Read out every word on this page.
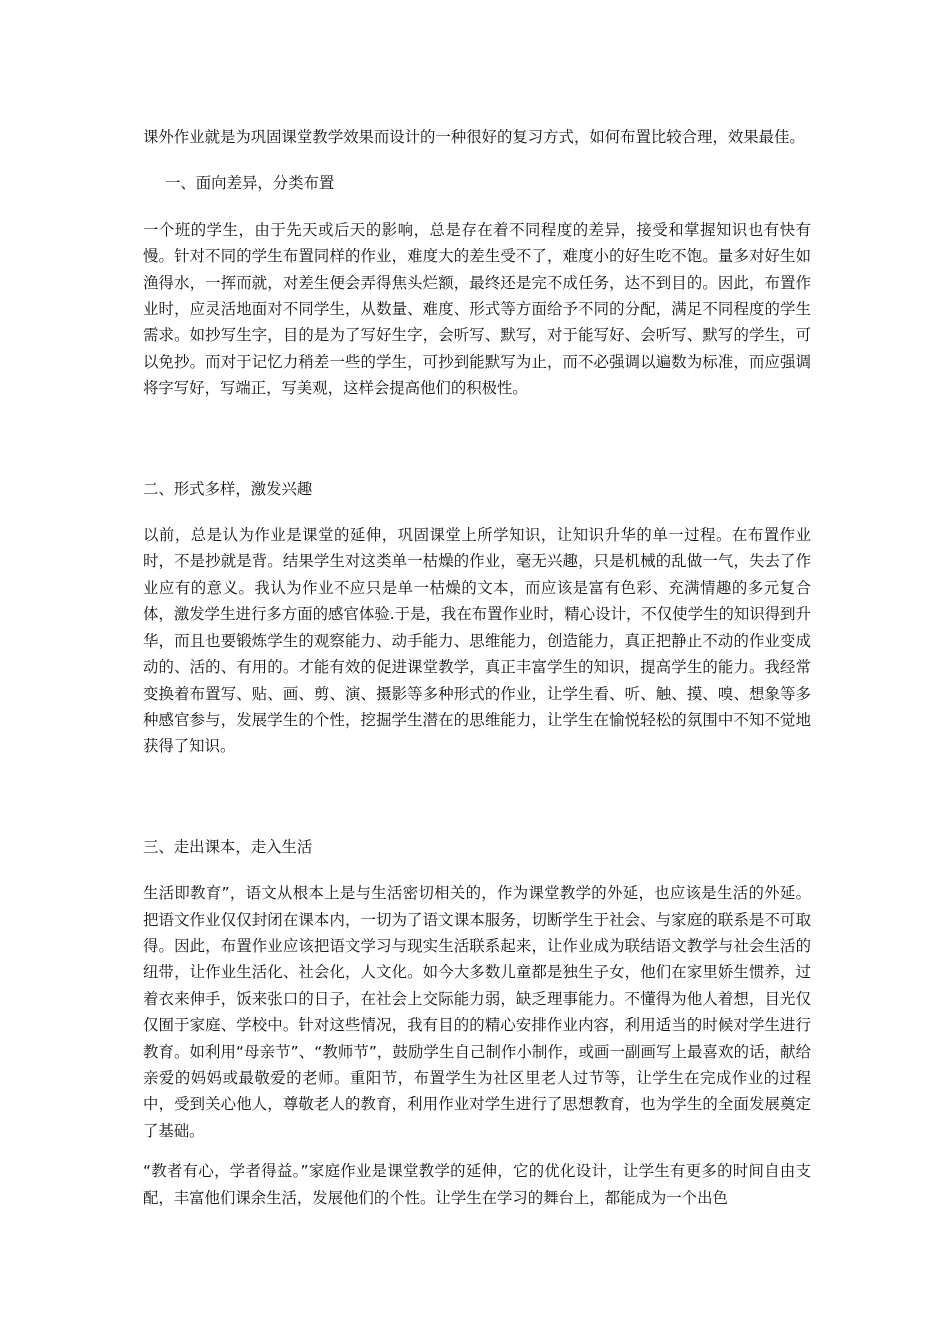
课外作业就是为巩固课堂教学效果而设计的一种很好的复习方式，如何布置比较合理，效果最佳。

一、面向差异，分类布置

一个班的学生，由于先天或后天的影响，总是存在着不同程度的差异，接受和掌握知识也有快有慢。针对不同的学生布置同样的作业，难度大的差生受不了，难度小的好生吃不饱。量多对好生如渔得水，一挥而就，对差生便会弄得焦头烂额，最终还是完不成任务，达不到目的。因此，布置作业时，应灵活地面对不同学生，从数量、难度、形式等方面给予不同的分配，满足不同程度的学生需求。如抄写生字，目的是为了写好生字，会听写、默写，对于能写好、会听写、默写的学生，可以免抄。而对于记忆力稍差一些的学生，可抄到能默写为止，而不必强调以遍数为标准，而应强调将字写好，写端正，写美观，这样会提高他们的积极性。

二、形式多样，激发兴趣

以前，总是认为作业是课堂的延伸，巩固课堂上所学知识，让知识升华的单一过程。在布置作业时，不是抄就是背。结果学生对这类单一枯燥的作业，毫无兴趣，只是机械的乱做一气，失去了作业应有的意义。我认为作业不应只是单一枯燥的文本，而应该是富有色彩、充满情趣的多元复合体，激发学生进行多方面的感官体验.于是，我在布置作业时，精心设计，不仅使学生的知识得到升华，而且也要锻炼学生的观察能力、动手能力、思维能力，创造能力，真正把静止不动的作业变成动的、活的、有用的。才能有效的促进课堂教学，真正丰富学生的知识，提高学生的能力。我经常变换着布置写、贴、画、剪、演、摄影等多种形式的作业，让学生看、听、触、摸、嗅、想象等多种感官参与，发展学生的个性，挖掘学生潜在的思维能力，让学生在愉悦轻松的氛围中不知不觉地获得了知识。

三、走出课本，走入生活

生活即教育”，语文从根本上是与生活密切相关的，作为课堂教学的外延，也应该是生活的外延。把语文作业仅仅封闭在课本内，一切为了语文课本服务，切断学生于社会、与家庭的联系是不可取得。因此，布置作业应该把语文学习与现实生活联系起来，让作业成为联结语文教学与社会生活的纽带，让作业生活化、社会化，人文化。如今大多数儿童都是独生子女，他们在家里娇生惯养，过着衣来伸手，饭来张口的日子，在社会上交际能力弱，缺乏理事能力。不懂得为他人着想，目光仅仅囿于家庭、学校中。针对这些情况，我有目的的精心安排作业内容，利用适当的时候对学生进行教育。如利用“母亲节”、“教师节”，鼓励学生自己制作小制作，或画一副画写上最喜欢的话，献给亲爱的妈妈或最敬爱的老师。重阳节，布置学生为社区里老人过节等，让学生在完成作业的过程中，受到关心他人，尊敬老人的教育，利用作业对学生进行了思想教育，也为学生的全面发展奠定了基础。

“教者有心，学者得益。”家庭作业是课堂教学的延伸，它的优化设计，让学生有更多的时间自由支配，丰富他们课余生活，发展他们的个性。让学生在学习的舞台上，都能成为一个出色
